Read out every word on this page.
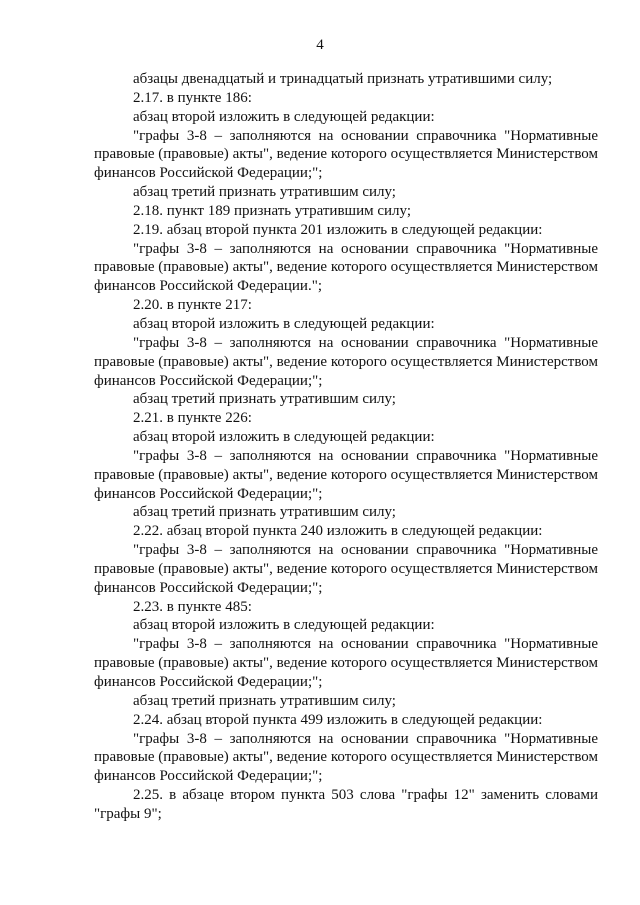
4

абзацы двенадцатый и тринадцатый признать утратившими силу;

2.17. в пункте 186:

абзац второй изложить в следующей редакции:

"графы 3-8 – заполняются на основании справочника "Нормативные правовые (правовые) акты", ведение которого осуществляется Министерством финансов Российской Федерации;";

абзац третий признать утратившим силу;

2.18. пункт 189 признать утратившим силу;

2.19. абзац второй пункта 201 изложить в следующей редакции:

"графы 3-8 – заполняются на основании справочника "Нормативные правовые (правовые) акты", ведение которого осуществляется Министерством финансов Российской Федерации.";

2.20. в пункте 217:

абзац второй изложить в следующей редакции:

"графы 3-8 – заполняются на основании справочника "Нормативные правовые (правовые) акты", ведение которого осуществляется Министерством финансов Российской Федерации;";

абзац третий признать утратившим силу;

2.21. в пункте 226:

абзац второй изложить в следующей редакции:

"графы 3-8 – заполняются на основании справочника "Нормативные правовые (правовые) акты", ведение которого осуществляется Министерством финансов Российской Федерации;";

абзац третий признать утратившим силу;

2.22. абзац второй пункта 240 изложить в следующей редакции:

"графы 3-8 – заполняются на основании справочника "Нормативные правовые (правовые) акты", ведение которого осуществляется Министерством финансов Российской Федерации;";

2.23. в пункте 485:

абзац второй изложить в следующей редакции:

"графы 3-8 – заполняются на основании справочника "Нормативные правовые (правовые) акты", ведение которого осуществляется Министерством финансов Российской Федерации;";

абзац третий признать утратившим силу;

2.24. абзац второй пункта 499 изложить в следующей редакции:

"графы 3-8 – заполняются на основании справочника "Нормативные правовые (правовые) акты", ведение которого осуществляется Министерством финансов Российской Федерации;";

2.25. в абзаце втором пункта 503 слова "графы 12" заменить словами "графы 9";
